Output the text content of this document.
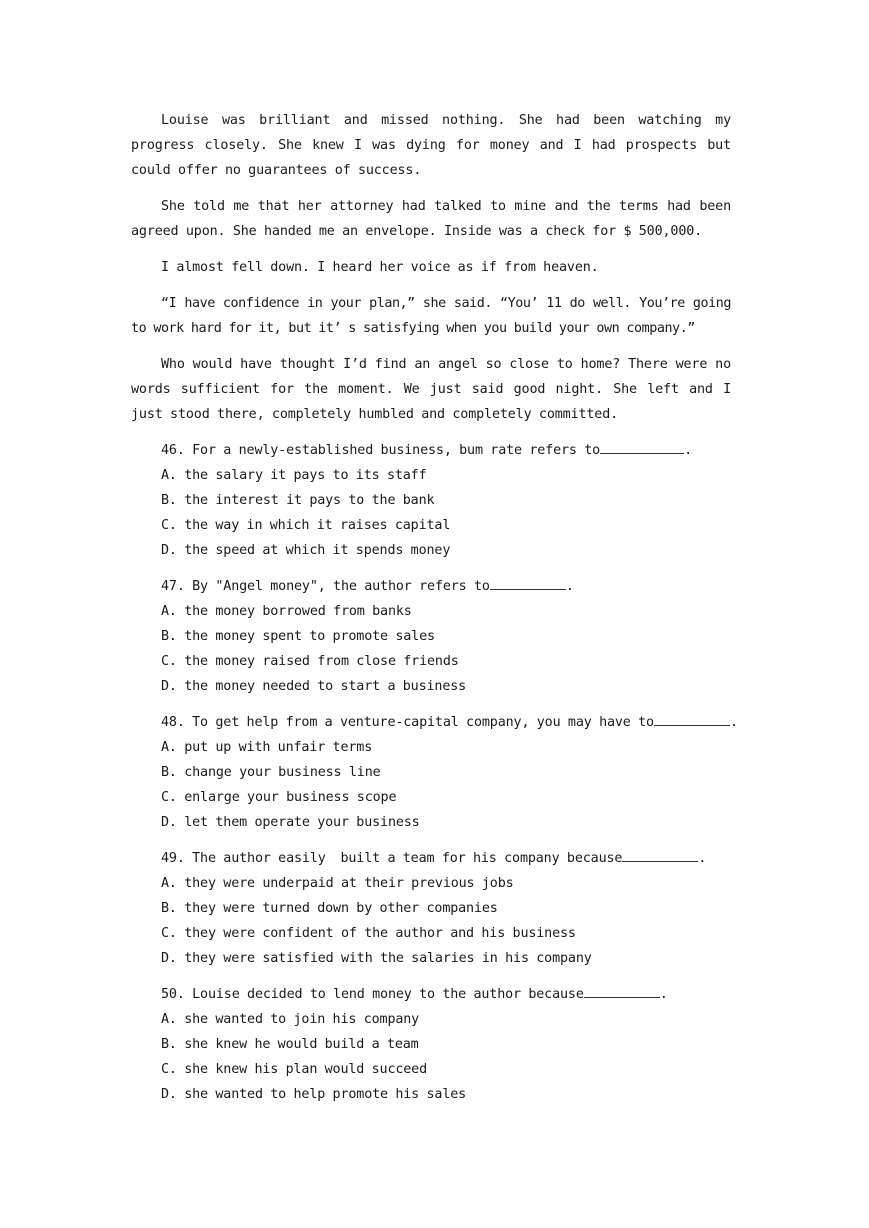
Louise was brilliant and missed nothing. She had been watching my progress closely. She knew I was dying for money and I had prospects but could offer no guarantees of success.

She told me that her attorney had talked to mine and the terms had been agreed upon. She handed me an envelope. Inside was a check for $ 500,000.

I almost fell down. I heard her voice as if from heaven.

“I have confidence in your plan,” she said. “You’ 11 do well. You’re going to work hard for it, but it’ s satisfying when you build your own company.”

Who would have thought I’d find an angel so close to home? There were no words sufficient for the moment. We just said good night. She left and I just stood there, completely humbled and completely committed.

46. For a newly-established business, bum rate refers to	.
A. the salary it pays to its staff
B. the interest it pays to the bank
C. the way in which it raises capital
D. the speed at which it spends money
47. By "Angel money", the author refers to	.
A. the money borrowed from banks
B. the money spent to promote sales
C. the money raised from close friends
D. the money needed to start a business
48. To get help from a venture-capital company, you may have to	.
A. put up with unfair terms
B. change your business line
C. enlarge your business scope
D. let them operate your business
49. The author easily  built a team for his company because	.
A. they were underpaid at their previous jobs
B. they were turned down by other companies
C. they were confident of the author and his business
D. they were satisfied with the salaries in his company
50. Louise decided to lend money to the author because	.
A. she wanted to join his company
B. she knew he would build a team
C. she knew his plan would succeed
D. she wanted to help promote his sales
